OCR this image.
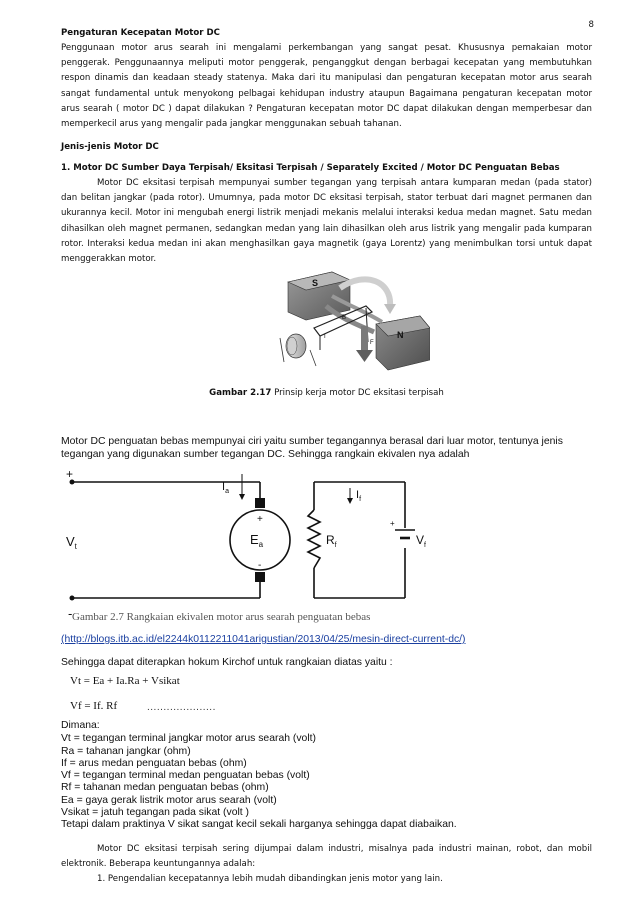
8
Pengaturan Kecepatan Motor DC
Penggunaan motor arus searah ini mengalami perkembangan yang sangat pesat. Khususnya pemakaian motor penggerak. Penggunaannya meliputi motor penggerak, penganggkut dengan berbagai kecepatan yang membutuhkan respon dinamis dan keadaan steady statenya. Maka dari itu manipulasi dan pengaturan kecepatan motor arus searah sangat fundamental untuk menyokong pelbagai kehidupan industry ataupun Bagaimana pengaturan kecepatan motor arus searah ( motor DC ) dapat dilakukan ? Pengaturan kecepatan motor DC dapat dilakukan dengan memperbesar dan memperkecil arus yang mengalir pada jangkar menggunakan sebuah tahanan.
Jenis-jenis Motor DC
1. Motor DC Sumber Daya Terpisah/ Eksitasi Terpisah / Separately Excited / Motor DC Penguatan Bebas
Motor DC eksitasi terpisah mempunyai sumber tegangan yang terpisah antara kumparan medan (pada stator) dan belitan jangkar (pada rotor). Umumnya, pada motor DC eksitasi terpisah, stator terbuat dari magnet permanen dan ukurannya kecil. Motor ini mengubah energi listrik menjadi mekanis melalui interaksi kedua medan magnet. Satu medan dihasilkan oleh magnet permanen, sedangkan medan yang lain dihasilkan oleh arus listrik yang mengalir pada kumparan rotor. Interaksi kedua medan ini akan menghasilkan gaya magnetik (gaya Lorentz) yang menimbulkan torsi untuk dapat menggerakkan motor.
S
N
B
F
I
Gambar 2.17 Prinsip kerja motor DC eksitasi terpisah
Motor DC penguatan bebas mempunyai ciri yaitu sumber tegangannya berasal dari luar motor, tentunya jenis tegangan yang digunakan sumber tegangan DC. Sehingga rangkain ekivalen nya adalah
+
-
$V_t$
$I_a$
$E_a$
+
-
$I_f$
$R_f$	$V_f$
+
Gambar 2.7 Rangkaian ekivalen motor arus searah penguatan bebas
(http://blogs.itb.ac.id/el2244k0112211041arigustian/2013/04/25/mesin-direct-current-dc/)
Sehingga dapat diterapkan hokum Kirchof untuk rangkaian diatas yaitu :
Vt = Ea + Ia.Ra + Vsikat
Vf = If. Rf	.....................
Dimana:
Vt = tegangan terminal jangkar motor arus searah (volt)
Ra = tahanan jangkar (ohm)
If = arus medan penguatan bebas (ohm)
Vf = tegangan terminal medan penguatan bebas (volt)
Rf = tahanan medan penguatan bebas (ohm)
Ea = gaya gerak listrik motor arus searah (volt)
Vsikat = jatuh tegangan pada sikat (volt )
Tetapi dalam praktinya V sikat sangat kecil sekali harganya sehingga dapat diabaikan.
Motor DC eksitasi terpisah sering dijumpai dalam industri, misalnya pada industri mainan, robot, dan mobil elektronik. Beberapa keuntungannya adalah:
1. Pengendalian kecepatannya lebih mudah dibandingkan jenis motor yang lain.
